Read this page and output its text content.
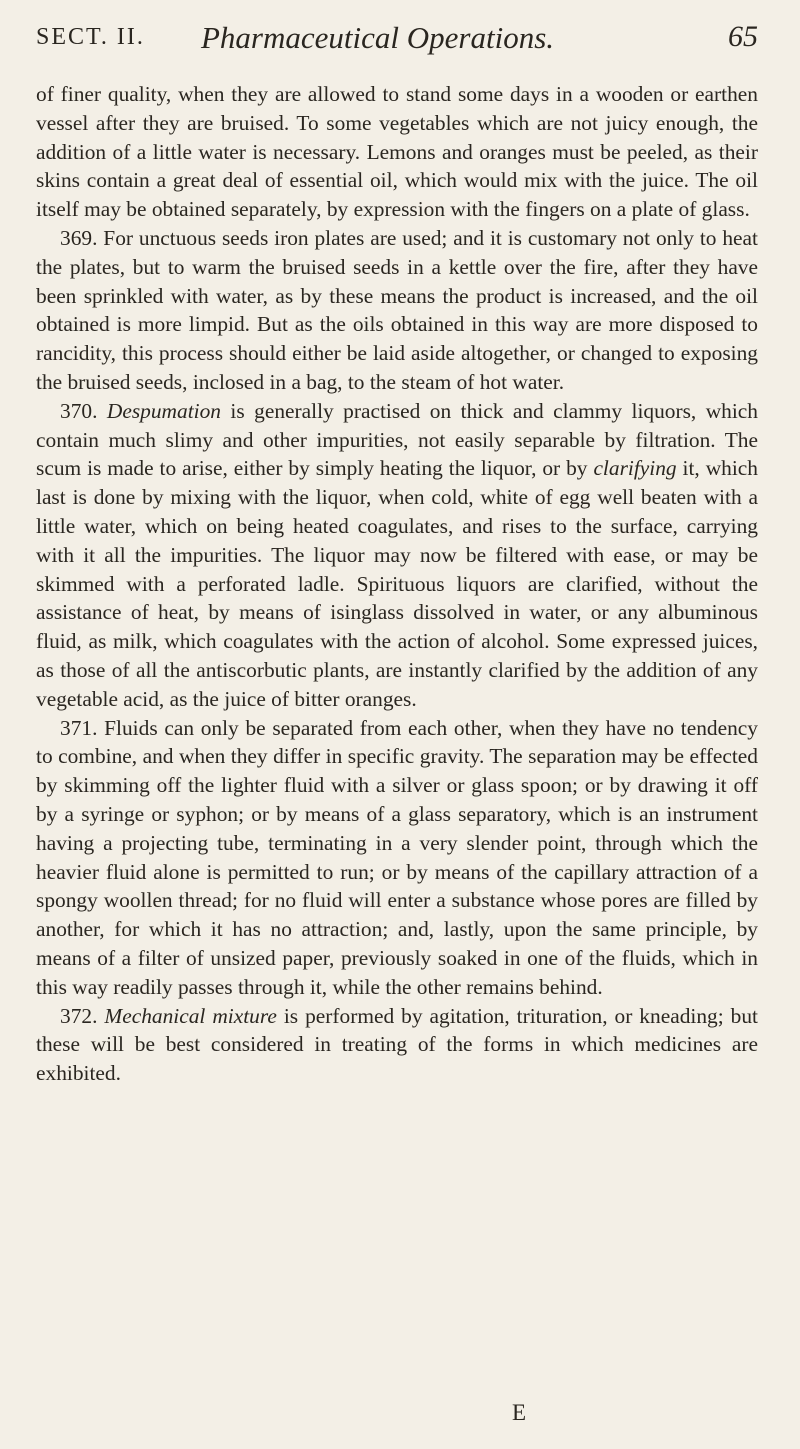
SECT. II. Pharmaceutical Operations.	65

of finer quality, when they are allowed to stand some days in a wooden or earthen vessel after they are bruised. To some vegetables which are not juicy enough, the addition of a little water is necessary. Lemons and oranges must be peeled, as their skins contain a great deal of essential oil, which would mix with the juice. The oil itself may be obtained separately, by expression with the fingers on a plate of glass.

369. For unctuous seeds iron plates are used; and it is customary not only to heat the plates, but to warm the bruised seeds in a kettle over the fire, after they have been sprinkled with water, as by these means the product is increased, and the oil obtained is more limpid. But as the oils obtained in this way are more disposed to rancidity, this process should either be laid aside altogether, or changed to exposing the bruised seeds, inclosed in a bag, to the steam of hot water.

370. Despumation is generally practised on thick and clammy liquors, which contain much slimy and other impurities, not easily separable by filtration. The scum is made to arise, either by simply heating the liquor, or by clarifying it, which last is done by mixing with the liquor, when cold, white of egg well beaten with a little water, which on being heated coagulates, and rises to the surface, carrying with it all the impurities. The liquor may now be filtered with ease, or may be skimmed with a perforated ladle. Spirituous liquors are clarified, without the assistance of heat, by means of isinglass dissolved in water, or any albuminous fluid, as milk, which coagulates with the action of alcohol. Some expressed juices, as those of all the antiscorbutic plants, are instantly clarified by the addition of any vegetable acid, as the juice of bitter oranges.

371. Fluids can only be separated from each other, when they have no tendency to combine, and when they differ in specific gravity. The separation may be effected by skimming off the lighter fluid with a silver or glass spoon; or by drawing it off by a syringe or syphon; or by means of a glass separatory, which is an instrument having a projecting tube, terminating in a very slender point, through which the heavier fluid alone is permitted to run; or by means of the capillary attraction of a spongy woollen thread; for no fluid will enter a substance whose pores are filled by another, for which it has no attraction; and, lastly, upon the same principle, by means of a filter of unsized paper, previously soaked in one of the fluids, which in this way readily passes through it, while the other remains behind.

372. Mechanical mixture is performed by agitation, trituration, or kneading; but these will be best considered in treating of the forms in which medicines are exhibited.

E
